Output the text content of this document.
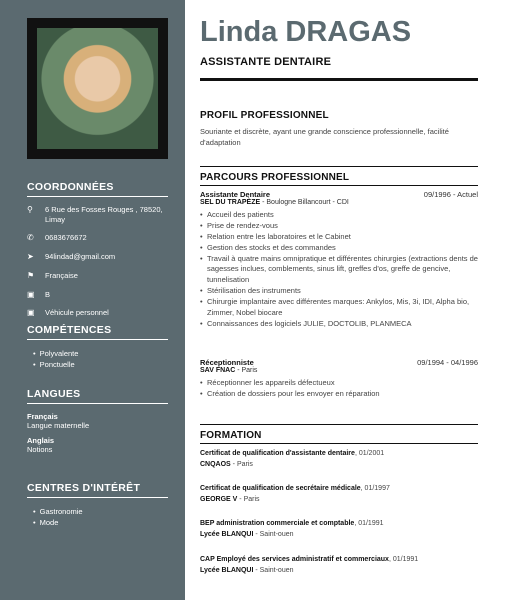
COORDONNÉES
⚲	6 Rue des Fosses Rouges , 78520, Limay
✆	0683676672
➤	94lindad@gmail.com
⚑	Française
▣	B
▣	Véhicule personnel
COMPÉTENCES
• Polyvalente
• Ponctuelle
LANGUES
Français
Langue maternelle
Anglais
Notions
CENTRES D'INTÉRÊT
• Gastronomie
• Mode
Linda DRAGAS
ASSISTANTE DENTAIRE
PROFIL PROFESSIONNEL
Souriante et discrète, ayant une grande conscience professionnelle, facilité d'adaptation
PARCOURS PROFESSIONNEL
Assistante Dentaire	09/1996 - Actuel
SEL DU TRAPÈZE - Boulogne Billancourt - CDI
• Accueil des patients
• Prise de rendez-vous
• Relation entre les laboratoires et le Cabinet
• Gestion des stocks et des commandes
• Travail à quatre mains omnipratique et différentes chirurgies (extractions dents de sagesses inclues, comblements, sinus lift, greffes d'os, greffe de gencive, tunnelisation
• Stérilisation des instruments
• Chirurgie implantaire avec différentes marques: Ankylos, Mis, 3i, IDI, Alpha bio, Zimmer, Nobel biocare
• Connaissances des logiciels JULIE, DOCTOLIB, PLANMECA
Réceptionniste	09/1994 - 04/1996
SAV FNAC - Paris
• Réceptionner les appareils défectueux
• Création de dossiers pour les envoyer en réparation
FORMATION
Certificat de qualification d'assistante dentaire, 01/2001
CNQAOS - Paris
Certificat de qualification de secrétaire médicale, 01/1997
GEORGE V - Paris
BEP administration commerciale et comptable, 01/1991
Lycée BLANQUI - Saint-ouen
CAP Employé des services administratif et commerciaux, 01/1991
Lycée BLANQUI - Saint-ouen
